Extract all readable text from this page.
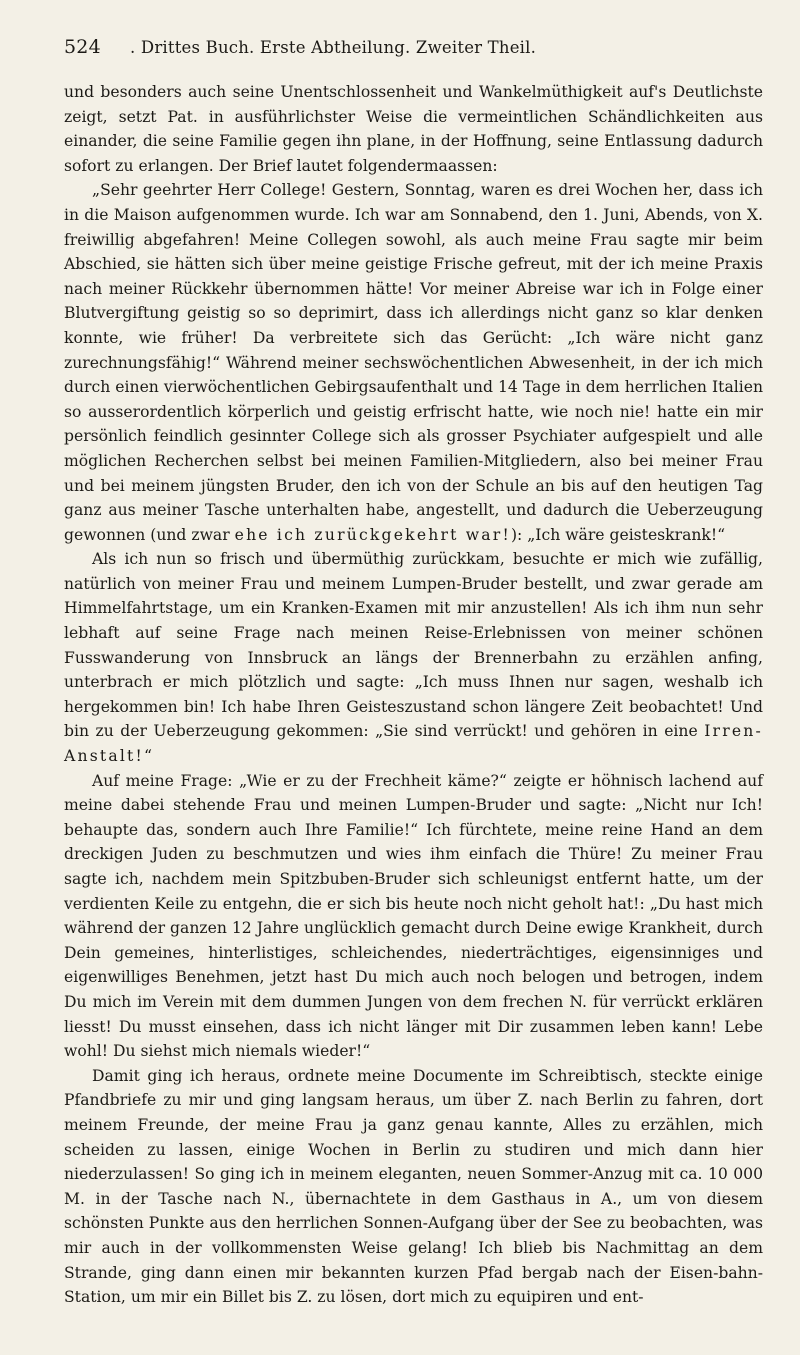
524	. Drittes Buch. Erste Abtheilung. Zweiter Theil.

und besonders auch seine Unentschlossenheit und Wankelmüthigkeit auf's Deutlichste zeigt, setzt Pat. in ausführlichster Weise die vermeintlichen Schändlichkeiten aus einander, die seine Familie gegen ihn plane, in der Hoffnung, seine Entlassung dadurch sofort zu erlangen. Der Brief lautet folgendermaassen:

„Sehr geehrter Herr College! Gestern, Sonntag, waren es drei Wochen her, dass ich in die Maison aufgenommen wurde. Ich war am Sonnabend, den 1. Juni, Abends, von X. freiwillig abgefahren! Meine Collegen sowohl, als auch meine Frau sagte mir beim Abschied, sie hätten sich über meine geistige Frische gefreut, mit der ich meine Praxis nach meiner Rückkehr übernommen hätte! Vor meiner Abreise war ich in Folge einer Blutvergiftung geistig so so deprimirt, dass ich allerdings nicht ganz so klar denken konnte, wie früher! Da verbreitete sich das Gerücht: „Ich wäre nicht ganz zurechnungsfähig!“ Während meiner sechswöchentlichen Abwesenheit, in der ich mich durch einen vierwöchentlichen Gebirgsaufenthalt und 14 Tage in dem herrlichen Italien so ausserordentlich körperlich und geistig erfrischt hatte, wie noch nie! hatte ein mir persönlich feindlich gesinnter College sich als grosser Psychiater aufgespielt und alle möglichen Recherchen selbst bei meinen Familien-Mitgliedern, also bei meiner Frau und bei meinem jüngsten Bruder, den ich von der Schule an bis auf den heutigen Tag ganz aus meiner Tasche unterhalten habe, angestellt, und dadurch die Ueberzeugung gewonnen (und zwar ehe ich zurückgekehrt war!): „Ich wäre geisteskrank!“

Als ich nun so frisch und übermüthig zurückkam, besuchte er mich wie zufällig, natürlich von meiner Frau und meinem Lumpen-Bruder bestellt, und zwar gerade am Himmelfahrtstage, um ein Kranken-Examen mit mir anzustellen! Als ich ihm nun sehr lebhaft auf seine Frage nach meinen Reise-Erlebnissen von meiner schönen Fusswanderung von Innsbruck an längs der Brennerbahn zu erzählen anfing, unterbrach er mich plötzlich und sagte: „Ich muss Ihnen nur sagen, weshalb ich hergekommen bin! Ich habe Ihren Geisteszustand schon längere Zeit beobachtet! Und bin zu der Ueberzeugung gekommen: „Sie sind verrückt! und gehören in eine Irren-Anstalt!“

Auf meine Frage: „Wie er zu der Frechheit käme?“ zeigte er höhnisch lachend auf meine dabei stehende Frau und meinen Lumpen-Bruder und sagte: „Nicht nur Ich! behaupte das, sondern auch Ihre Familie!“ Ich fürchtete, meine reine Hand an dem dreckigen Juden zu beschmutzen und wies ihm einfach die Thüre! Zu meiner Frau sagte ich, nachdem mein Spitzbuben-Bruder sich schleunigst entfernt hatte, um der verdienten Keile zu entgehn, die er sich bis heute noch nicht geholt hat!: „Du hast mich während der ganzen 12 Jahre unglücklich gemacht durch Deine ewige Krankheit, durch Dein gemeines, hinterlistiges, schleichendes, niederträchtiges, eigensinniges und eigenwilliges Benehmen, jetzt hast Du mich auch noch belogen und betrogen, indem Du mich im Verein mit dem dummen Jungen von dem frechen N. für verrückt erklären liesst! Du musst einsehen, dass ich nicht länger mit Dir zusammen leben kann! Lebe wohl! Du siehst mich niemals wieder!“

Damit ging ich heraus, ordnete meine Documente im Schreibtisch, steckte einige Pfandbriefe zu mir und ging langsam heraus, um über Z. nach Berlin zu fahren, dort meinem Freunde, der meine Frau ja ganz genau kannte, Alles zu erzählen, mich scheiden zu lassen, einige Wochen in Berlin zu studiren und mich dann hier niederzulassen! So ging ich in meinem eleganten, neuen Sommer-Anzug mit ca. 10 000 M. in der Tasche nach N., übernachtete in dem Gasthaus in A., um von diesem schönsten Punkte aus den herrlichen Sonnen-Aufgang über der See zu beobachten, was mir auch in der vollkommensten Weise gelang! Ich blieb bis Nachmittag an dem Strande, ging dann einen mir bekannten kurzen Pfad bergab nach der Eisen-bahn-Station, um mir ein Billet bis Z. zu lösen, dort mich zu equipiren und ent-
